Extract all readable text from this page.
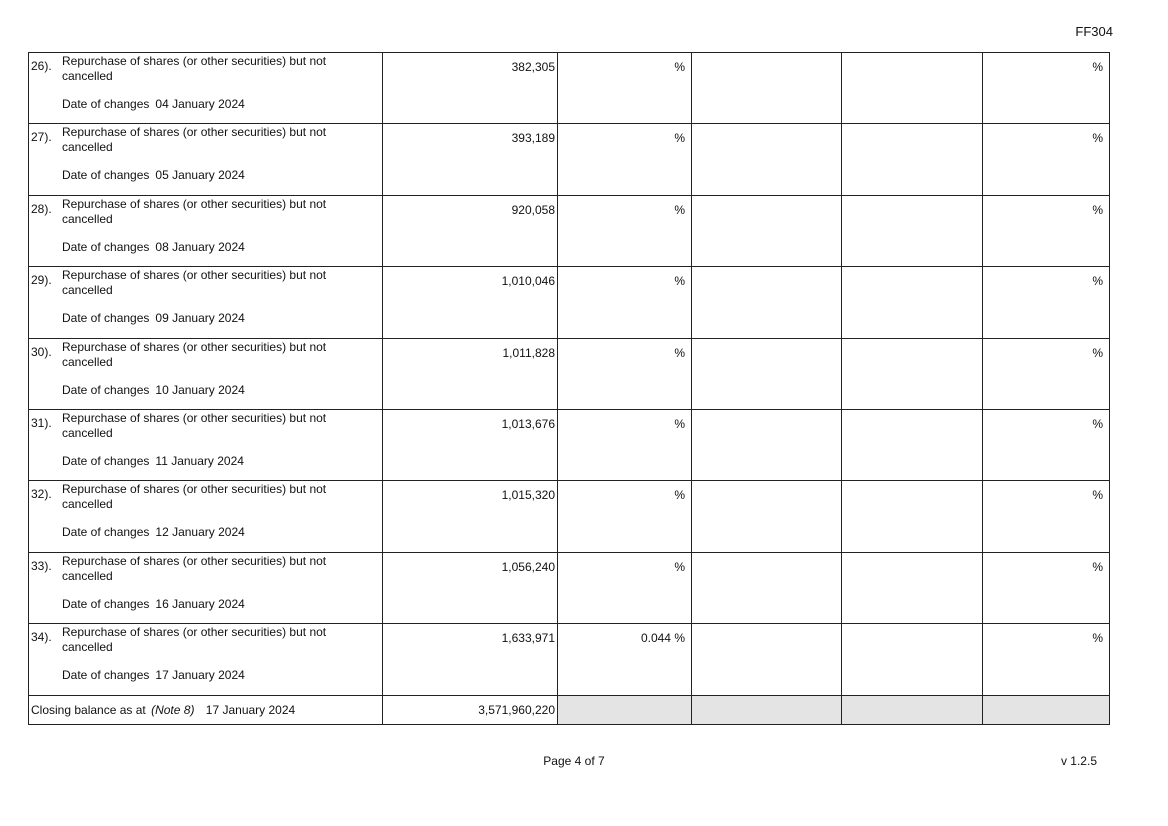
FF304
26). Repurchase of shares (or other securities) but not cancelled
Date of changes 04 January 2024	382,305	%			%

27). Repurchase of shares (or other securities) but not cancelled
Date of changes 05 January 2024	393,189	%			%

28). Repurchase of shares (or other securities) but not cancelled
Date of changes 08 January 2024	920,058	%			%

29). Repurchase of shares (or other securities) but not cancelled
Date of changes 09 January 2024	1,010,046	%			%

30). Repurchase of shares (or other securities) but not cancelled
Date of changes 10 January 2024	1,011,828	%			%

31). Repurchase of shares (or other securities) but not cancelled
Date of changes 11 January 2024	1,013,676	%			%

32). Repurchase of shares (or other securities) but not cancelled
Date of changes 12 January 2024	1,015,320	%			%

33). Repurchase of shares (or other securities) but not cancelled
Date of changes 16 January 2024	1,056,240	%			%

34). Repurchase of shares (or other securities) but not cancelled
Date of changes 17 January 2024	1,633,971	0.044 %			%
Closing balance as at (Note 8) 17 January 2024	3,571,960,220				
Page 4 of 7	v 1.2.5
